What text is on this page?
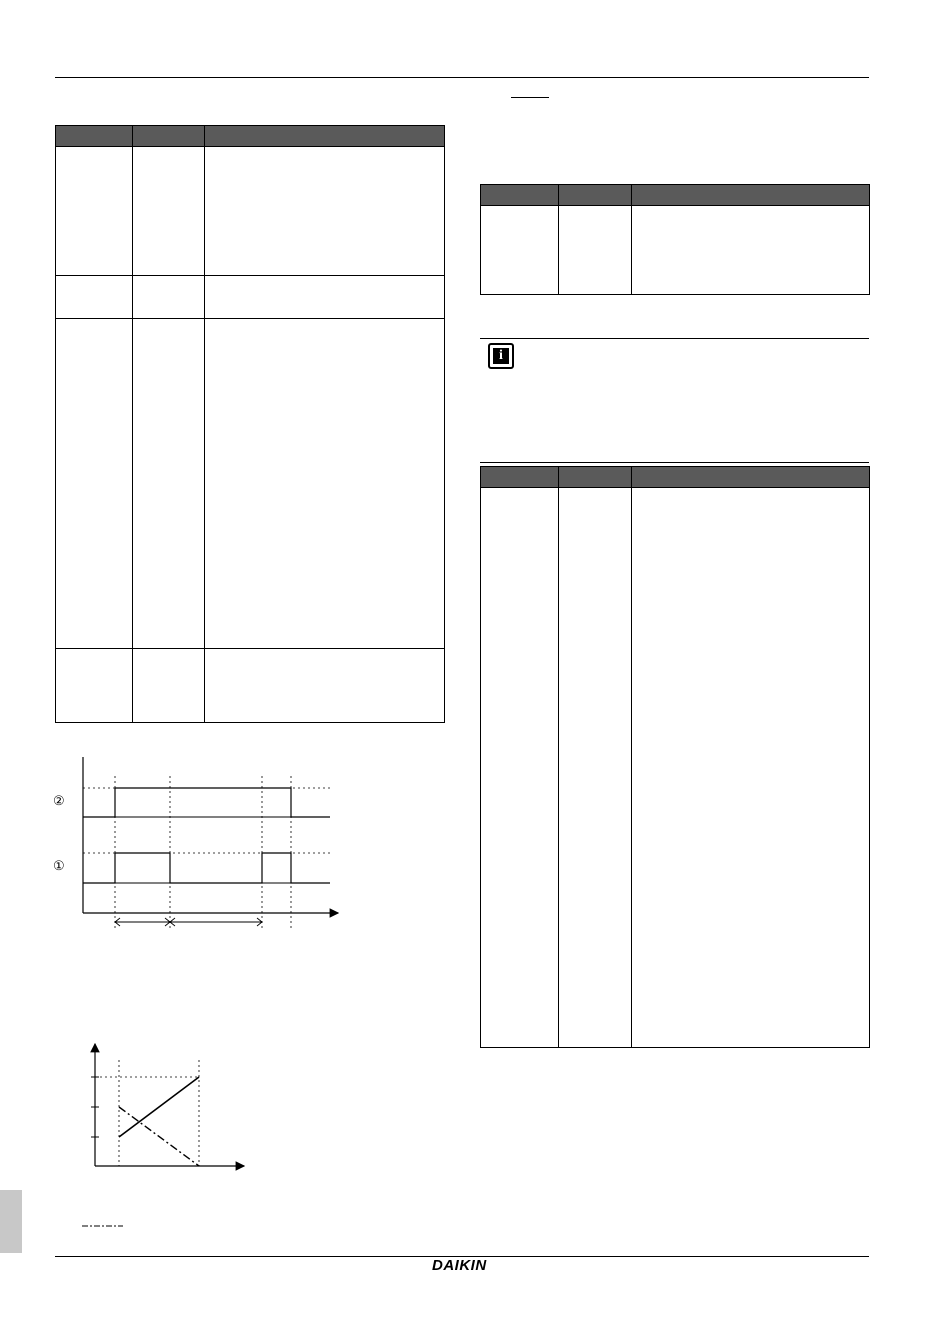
i

②
①
DAIKIN
